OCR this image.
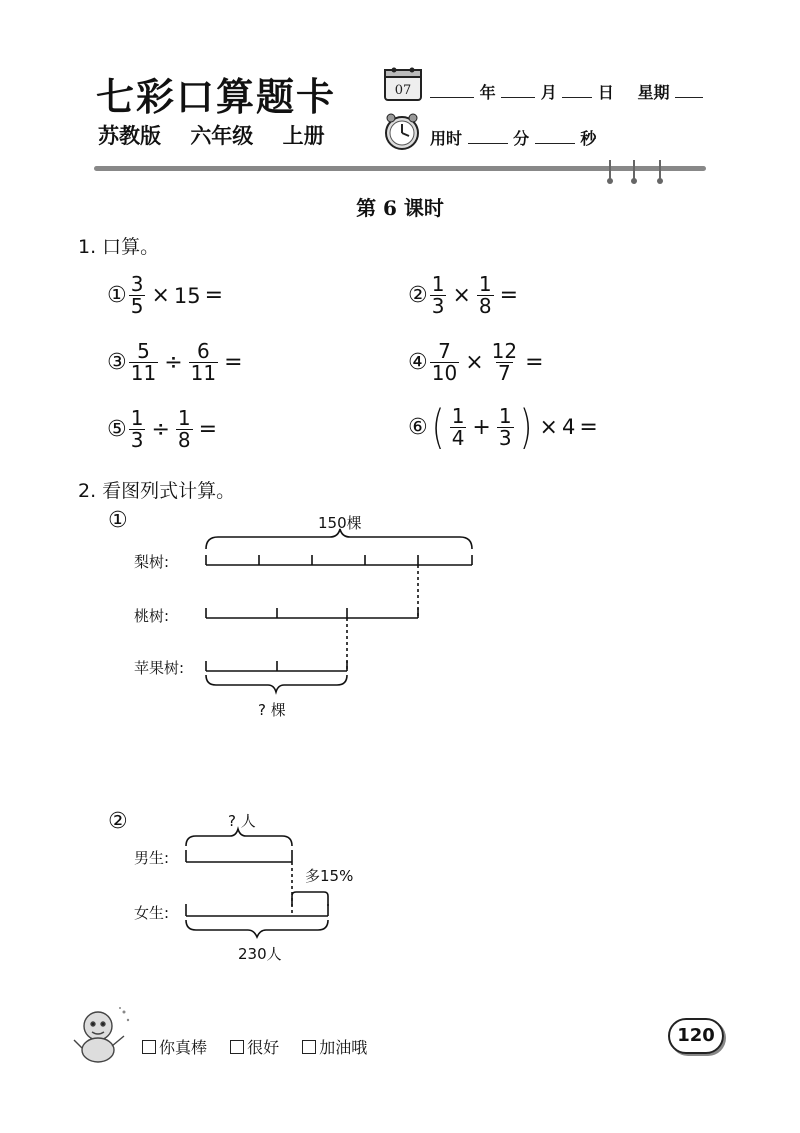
七彩口算题卡
苏教版 六年级 上册
07	年	月	日 星期
用时	分	秒
第 6 课时
1. 口算。
① $\frac{3}{5} \times 15$ =	② $\frac{1}{3} \times \frac{1}{8}$ =
③ $\frac{5}{11} \div \frac{6}{11}$ =	④ $\frac{7}{10} \times \frac{12}{7}$ =
⑤ $\frac{1}{3} \div \frac{1}{8}$ =	⑥ ( $\frac{1}{4} + \frac{1}{3}$ ) × 4 =
2. 看图列式计算。
①	150棵
梨树:
桃树:
苹果树:
? 棵
②	? 人
男生:
女生:
多15%
230人
你真棒	很好	加油哦
120
